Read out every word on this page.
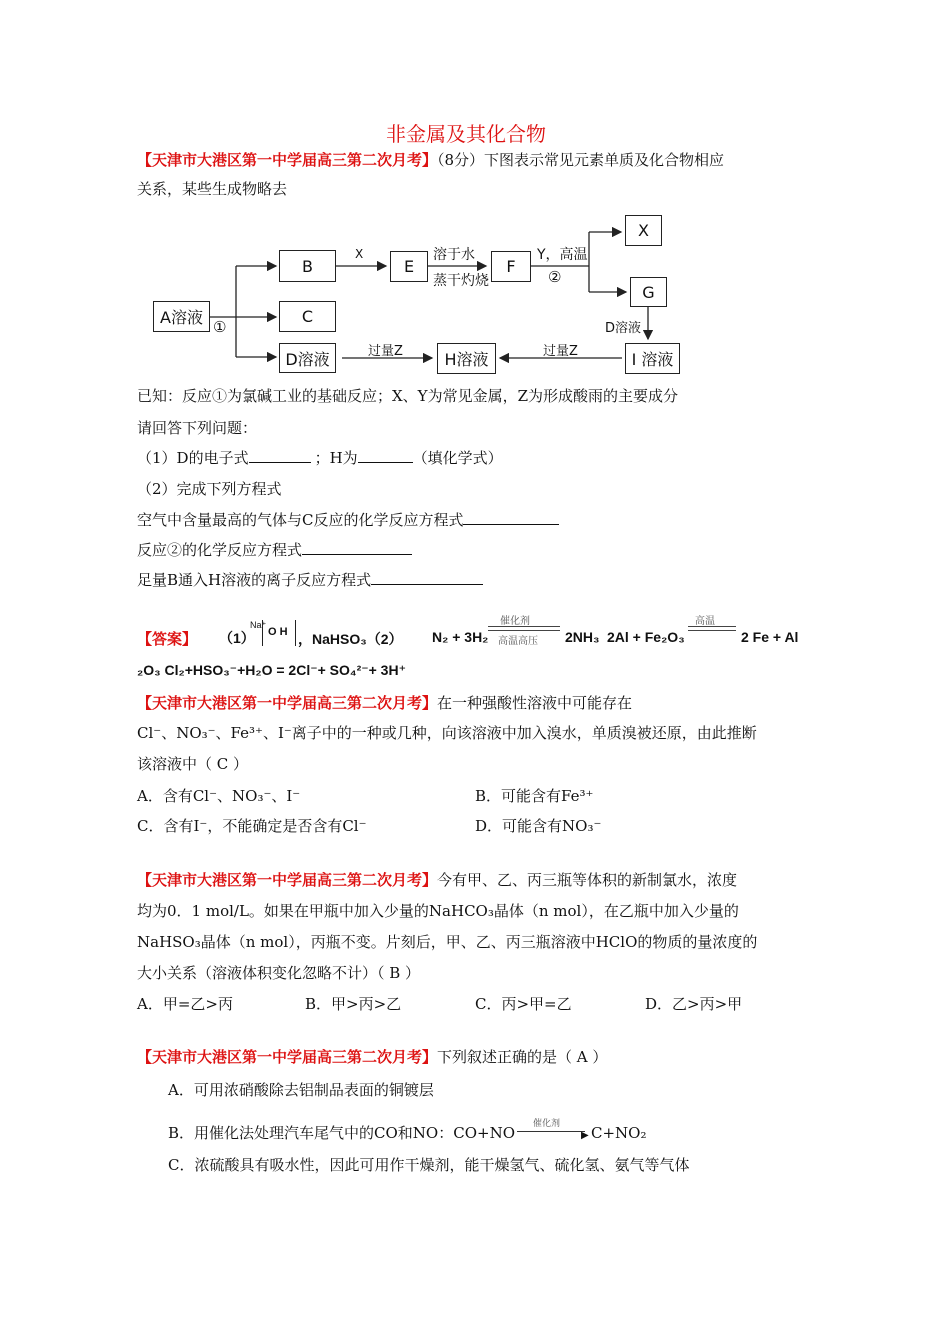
非金属及其化合物
【天津市大港区第一中学届高三第二次月考】（8分）下图表示常见元素单质及化合物相应
关系，某些生成物略去
A溶液
B
C
D溶液
E	F
X
G
H溶液	I 溶液
①
X	溶于水
蒸干灼烧
Y，高温
②
D溶液
过量Z	过量Z
已知：反应①为氯碱工业的基础反应；X、Y为常见金属，Z为形成酸雨的主要成分
请回答下列问题：
（1）D的电子式	；H为	（填化学式）
（2）完成下列方程式
空气中含量最高的气体与C反应的化学反应方程式
反应②的化学反应方程式
足量B通入H溶液的离子反应方程式
【答案】 （1）
Na⁺
O H ，NaHSO₃（2） N₂ + 3H₂
催化剂
高温高压 2NH₃ 2Al + Fe₂O₃
高温
2 Fe + Al
₂O₃ Cl₂+HSO₃⁻+H₂O = 2Cl⁻+ SO₄²⁻+ 3H⁺
【天津市大港区第一中学届高三第二次月考】在一种强酸性溶液中可能存在
Cl⁻、NO₃⁻、Fe³⁺、I⁻离子中的一种或几种，向该溶液中加入溴水，单质溴被还原，由此推断
该溶液中（ C ）
A．含有Cl⁻、NO₃⁻、I⁻	B．可能含有Fe³⁺
C．含有I⁻，不能确定是否含有Cl⁻	D．可能含有NO₃⁻
【天津市大港区第一中学届高三第二次月考】今有甲、乙、丙三瓶等体积的新制氯水，浓度
均为0．1 mol/L。如果在甲瓶中加入少量的NaHCO₃晶体（n mol），在乙瓶中加入少量的
NaHSO₃晶体（n mol），丙瓶不变。片刻后，甲、乙、丙三瓶溶液中HClO的物质的量浓度的
大小关系（溶液体积变化忽略不计）（ B ）
A．甲=乙>丙	B．甲>丙>乙	C．丙>甲=乙	D．乙>丙>甲
【天津市大港区第一中学届高三第二次月考】下列叙述正确的是（ A ）
A．可用浓硝酸除去铝制品表面的铜镀层
B．用催化法处理汽车尾气中的CO和NO：CO+NO 催化剂
▶ C+NO₂
C．浓硫酸具有吸水性，因此可用作干燥剂，能干燥氢气、硫化氢、氨气等气体
